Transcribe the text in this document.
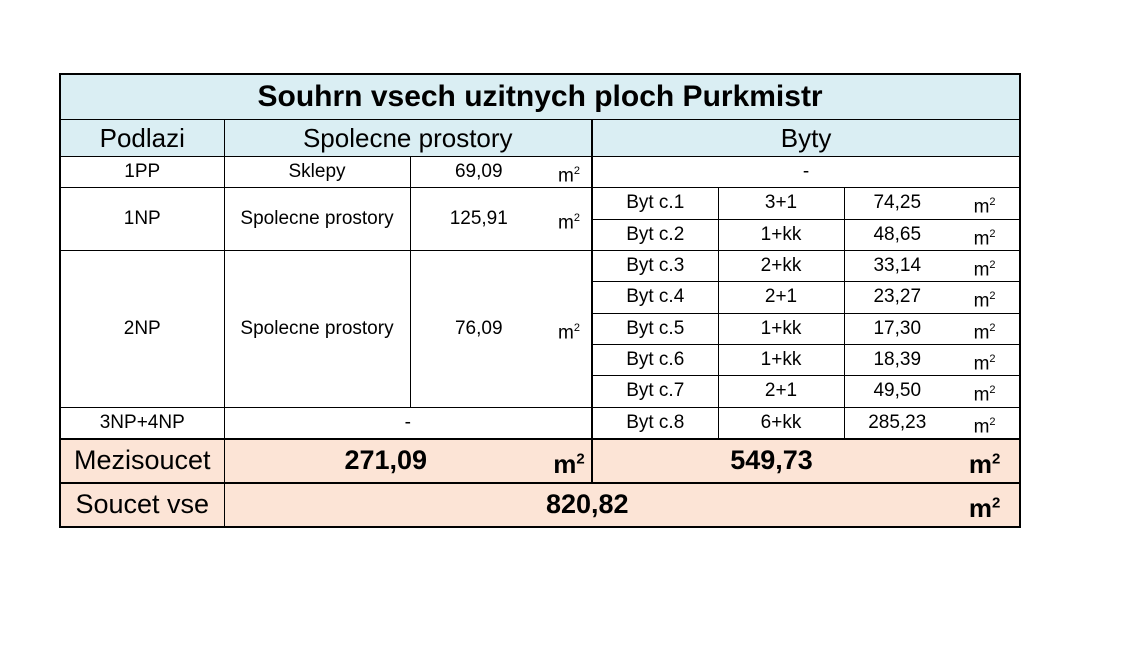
Souhrn vsech uzitnych ploch Purkmistr							
Podlazi	Spolecne prostory			Byty			
1PP	Sklepy	69,09	$m^2$	-			
1NP	Spolecne prostory	125,91	$m^2$	Byt c.1	3+1	74,25	$m^2$

				Byt c.2	1+kk	48,65	$m^2$

2NP	Spolecne prostory	76,09	$m^2$	Byt c.3	2+kk	33,14	$m^2$

				Byt c.4	2+1	23,27	$m^2$

				Byt c.5	1+kk	17,30	$m^2$

				Byt c.6	1+kk	18,39	$m^2$

				Byt c.7	2+1	49,50	$m^2$

3NP+4NP	-			Byt c.8	6+kk	285,23	$m^2$

Mezisoucet	271,09		$m^2$	549,73			$m^2$

Soucet vse	820,82						$m^2$
